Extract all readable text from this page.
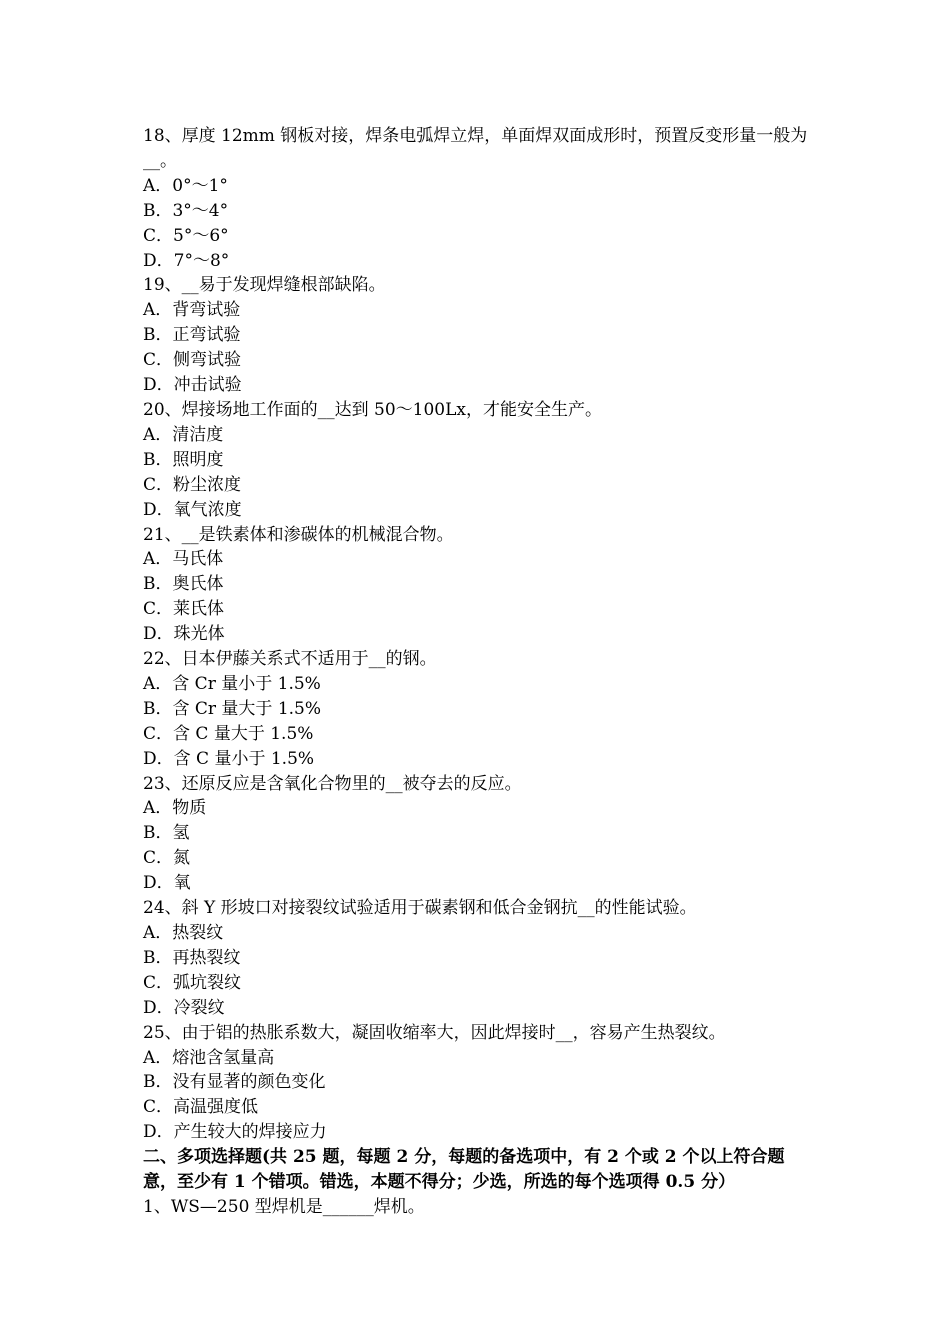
18、厚度 12mm 钢板对接，焊条电弧焊立焊，单面焊双面成形时，预置反变形量一般为__。
A．0°～1°
B．3°～4°
C．5°～6°
D．7°～8°
19、__易于发现焊缝根部缺陷。
A．背弯试验
B．正弯试验
C．侧弯试验
D．冲击试验
20、焊接场地工作面的__达到 50～100Lx，才能安全生产。
A．清洁度
B．照明度
C．粉尘浓度
D．氧气浓度
21、__是铁素体和渗碳体的机械混合物。
A．马氏体
B．奥氏体
C．莱氏体
D．珠光体
22、日本伊藤关系式不适用于__的钢。
A．含 Cr 量小于 1.5%
B．含 Cr 量大于 1.5%
C．含 C 量大于 1.5%
D．含 C 量小于 1.5%
23、还原反应是含氧化合物里的__被夺去的反应。
A．物质
B．氢
C．氮
D．氧
24、斜 Y 形坡口对接裂纹试验适用于碳素钢和低合金钢抗__的性能试验。
A．热裂纹
B．再热裂纹
C．弧坑裂纹
D．冷裂纹
25、由于铝的热胀系数大，凝固收缩率大，因此焊接时__，容易产生热裂纹。
A．熔池含氢量高
B．没有显著的颜色变化
C．高温强度低
D．产生较大的焊接应力
二、多项选择题(共 25 题，每题 2 分，每题的备选项中，有 2 个或 2 个以上符合题意，至少有 1 个错项。错选，本题不得分；少选，所选的每个选项得 0.5 分）
1、WS—250 型焊机是______焊机。
